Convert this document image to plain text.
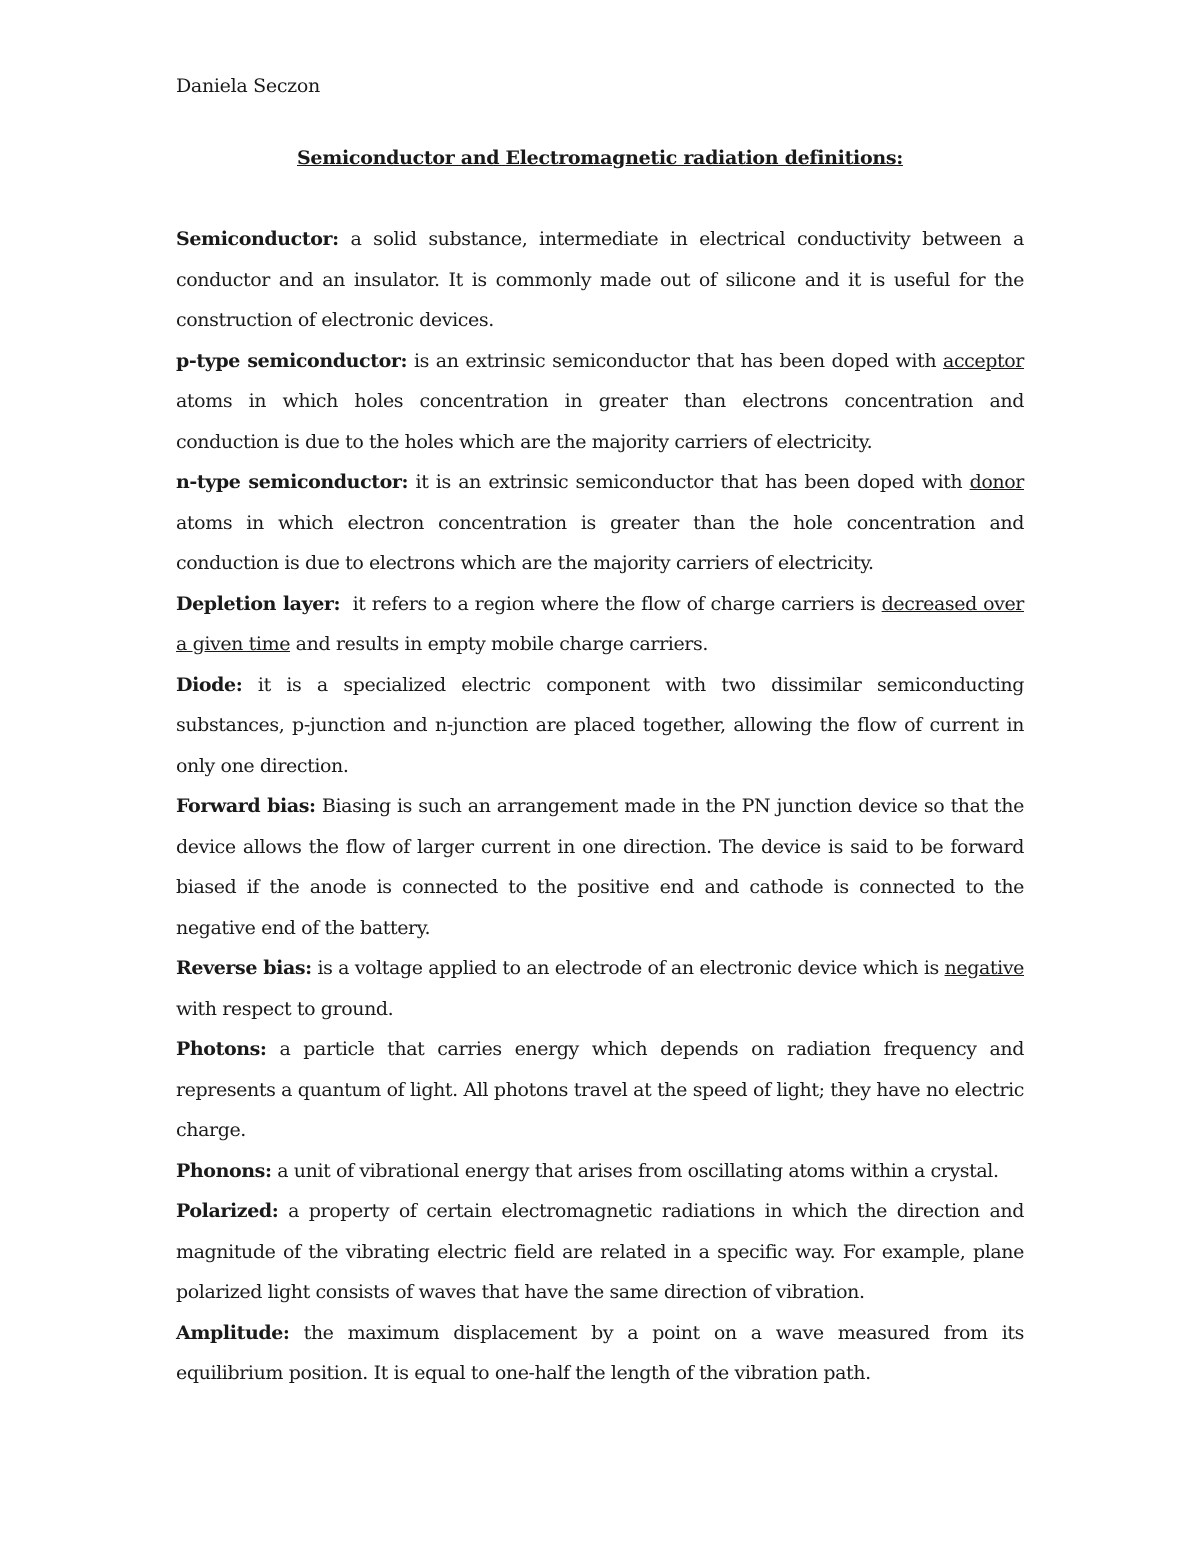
Daniela Seczon
Semiconductor and Electromagnetic radiation definitions:

Semiconductor: a solid substance, intermediate in electrical conductivity between a conductor and an insulator. It is commonly made out of silicone and it is useful for the construction of electronic devices.

p-type semiconductor: is an extrinsic semiconductor that has been doped with acceptor atoms in which holes concentration in greater than electrons concentration and conduction is due to the holes which are the majority carriers of electricity.

n-type semiconductor: it is an extrinsic semiconductor that has been doped with donor atoms in which electron concentration is greater than the hole concentration and conduction is due to electrons which are the majority carriers of electricity.

Depletion layer:  it refers to a region where the flow of charge carriers is decreased over a given time and results in empty mobile charge carriers.

Diode: it is a specialized electric component with two dissimilar semiconducting substances, p-junction and n-junction are placed together, allowing the flow of current in only one direction.

Forward bias: Biasing is such an arrangement made in the PN junction device so that the device allows the flow of larger current in one direction. The device is said to be forward biased if the anode is connected to the positive end and cathode is connected to the negative end of the battery.

Reverse bias: is a voltage applied to an electrode of an electronic device which is negative with respect to ground.

Photons: a particle that carries energy which depends on radiation frequency and represents a quantum of light. All photons travel at the speed of light; they have no electric charge.

Phonons: a unit of vibrational energy that arises from oscillating atoms within a crystal.

Polarized: a property of certain electromagnetic radiations in which the direction and magnitude of the vibrating electric field are related in a specific way. For example, plane polarized light consists of waves that have the same direction of vibration.

Amplitude: the maximum displacement by a point on a wave measured from its equilibrium position. It is equal to one-half the length of the vibration path.
